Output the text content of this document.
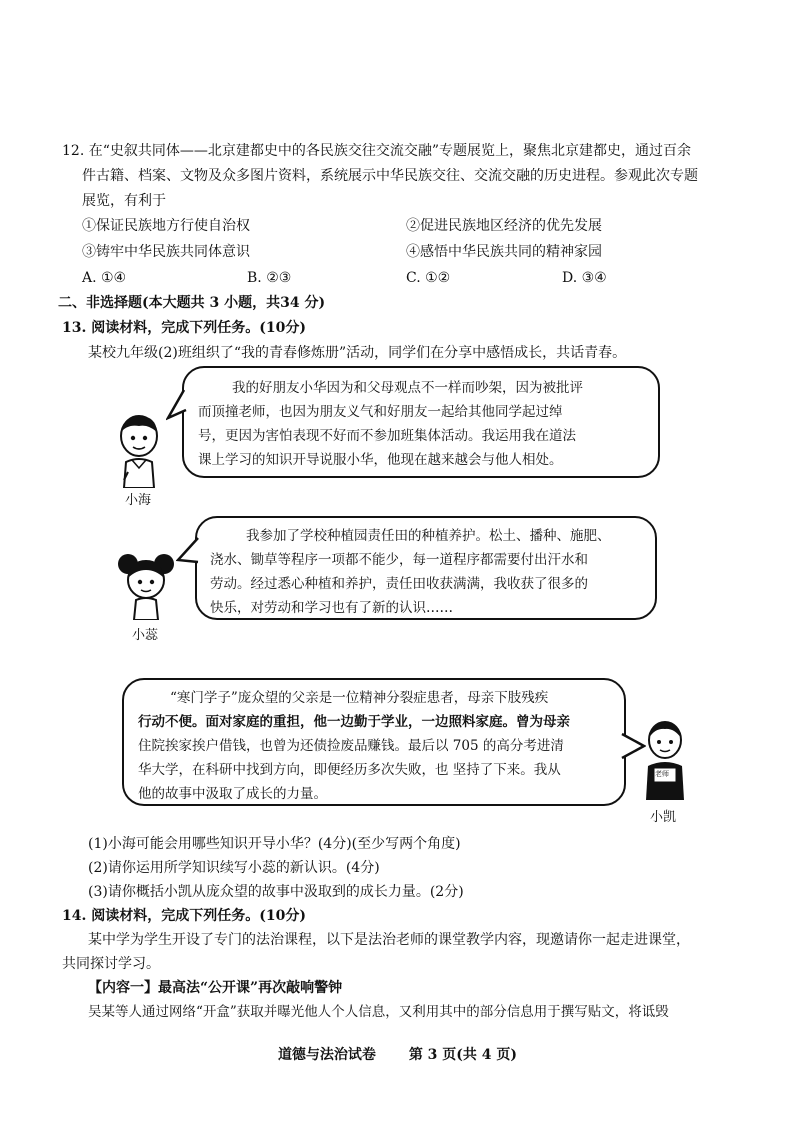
12. 在“史叙共同体——北京建都史中的各民族交往交流交融”专题展览上，聚焦北京建都史，通过百余
件古籍、档案、文物及众多图片资料，系统展示中华民族交往、交流交融的历史进程。参观此次专题
展览，有利于
①保证民族地方行使自治权	②促进民族地区经济的优先发展
③铸牢中华民族共同体意识	④感悟中华民族共同的精神家园
A. ①④	B. ②③	C. ①②	D. ③④
二、非选择题(本大题共 3 小题，共34 分)
13. 阅读材料，完成下列任务。(10分)
某校九年级(2)班组织了“我的青春修炼册”活动，同学们在分享中感悟成长，共话青春。
我的好朋友小华因为和父母观点不一样而吵架，因为被批评
而顶撞老师，也因为朋友义气和好朋友一起给其他同学起过绰
号，更因为害怕表现不好而不参加班集体活动。我运用我在道法
课上学习的知识开导说服小华，他现在越来越会与他人相处。
小海
我参加了学校种植园责任田的种植养护。松土、播种、施肥、
浇水、锄草等程序一项都不能少，每一道程序都需要付出汗水和
劳动。经过悉心种植和养护，责任田收获满满，我收获了很多的
快乐，对劳动和学习也有了新的认识……
小蕊
“寒门学子”庞众望的父亲是一位精神分裂症患者，母亲下肢残疾
行动不便。面对家庭的重担，他一边勤于学业，一边照料家庭。曾为母亲
住院挨家挨户借钱，也曾为还债捡废品赚钱。最后以 705 的高分考进清
华大学，在科研中找到方向，即便经历多次失败，也 坚持了下来。我从
他的故事中汲取了成长的力量。
老师
小凯
(1)小海可能会用哪些知识开导小华？(4分)(至少写两个角度)
(2)请你运用所学知识续写小蕊的新认识。(4分)
(3)请你概括小凯从庞众望的故事中汲取到的成长力量。(2分)
14. 阅读材料，完成下列任务。(10分)
某中学为学生开设了专门的法治课程，以下是法治老师的课堂教学内容，现邀请你一起走进课堂，
共同探讨学习。
【内容一】最高法“公开课”再次敲响警钟
吴某等人通过网络“开盒”获取并曝光他人个人信息，又利用其中的部分信息用于撰写贴文，将诋毁
道德与法治试卷 第 3 页(共 4 页)
